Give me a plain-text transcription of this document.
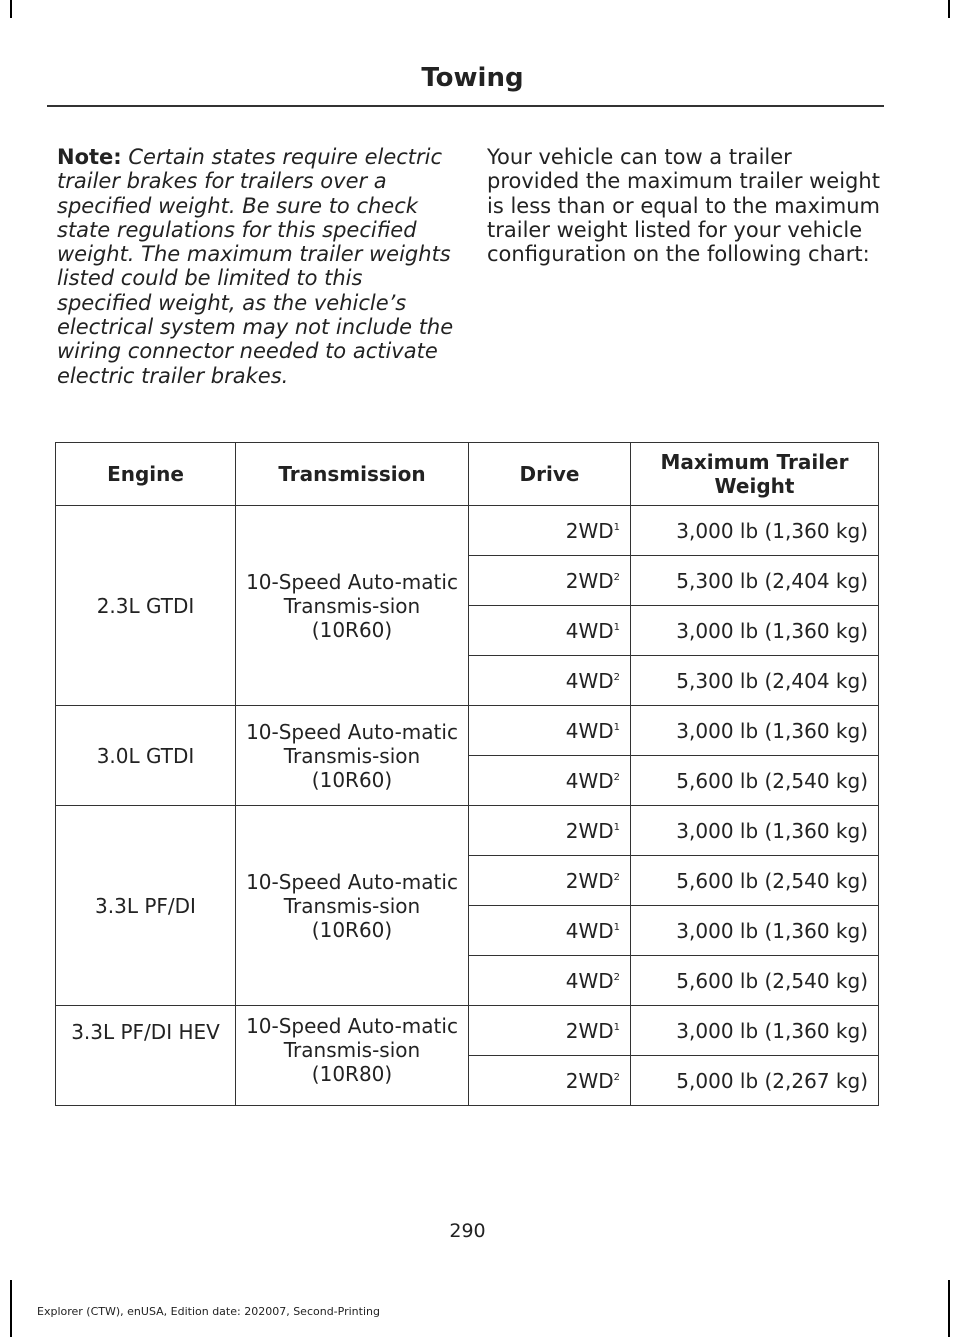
Towing
Note: Certain states require electric trailer brakes for trailers over a specified weight. Be sure to check state regulations for this specified weight. The maximum trailer weights listed could be limited to this specified weight, as the vehicle’s electrical system may not include the wiring connector needed to activate electric trailer brakes.
Your vehicle can tow a trailer provided the maximum trailer weight is less than or equal to the maximum trailer weight listed for your vehicle configuration on the following chart:
Engine	Transmission	Drive	Maximum Trailer Weight
2.3L GTDI	10-Speed Auto-matic Transmis-sion (10R60)	$2WD^1$	3,000 lb (1,360 kg)
		$2WD^2$	5,300 lb (2,404 kg)
		$4WD^1$	3,000 lb (1,360 kg)
		$4WD^2$	5,300 lb (2,404 kg)
3.0L GTDI	10-Speed Auto-matic Transmis-sion (10R60)	$4WD^1$	3,000 lb (1,360 kg)
		$4WD^2$	5,600 lb (2,540 kg)
3.3L PF/DI	10-Speed Auto-matic Transmis-sion (10R60)	$2WD^1$	3,000 lb (1,360 kg)
		$2WD^2$	5,600 lb (2,540 kg)
		$4WD^1$	3,000 lb (1,360 kg)
		$4WD^2$	5,600 lb (2,540 kg)
3.3L PF/DI HEV	10-Speed Auto-matic Transmis-sion (10R80)	$2WD^1$	3,000 lb (1,360 kg)
		$2WD^2$	5,000 lb (2,267 kg)
290
Explorer (CTW), enUSA, Edition date: 202007, Second-Printing
